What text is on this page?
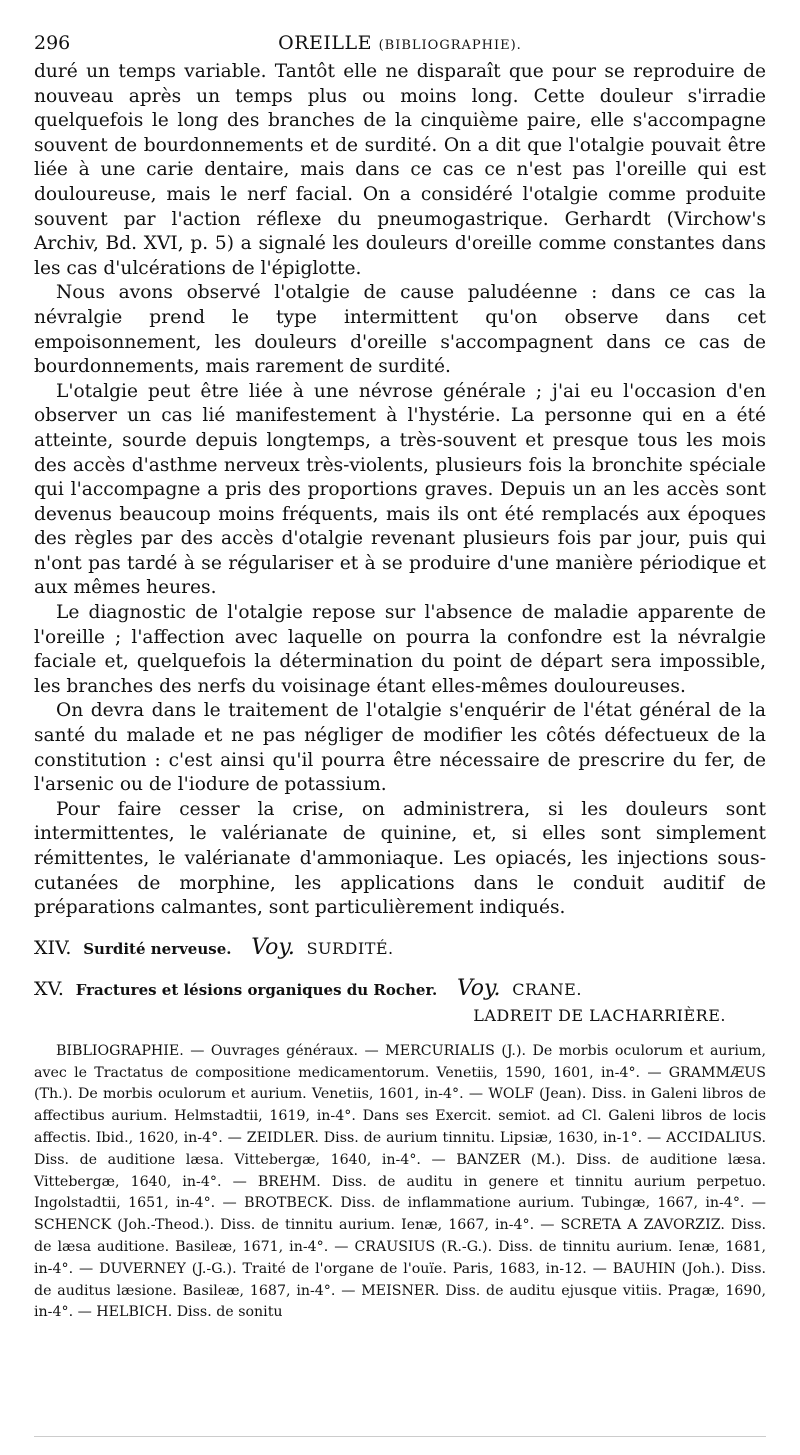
296	OREILLE (BIBLIOGRAPHIE).

duré un temps variable. Tantôt elle ne disparaît que pour se reproduire de nouveau après un temps plus ou moins long. Cette douleur s'irradie quelquefois le long des branches de la cinquième paire, elle s'accompagne souvent de bourdonnements et de surdité. On a dit que l'otalgie pouvait être liée à une carie dentaire, mais dans ce cas ce n'est pas l'oreille qui est douloureuse, mais le nerf facial. On a considéré l'otalgie comme produite souvent par l'action réflexe du pneumogastrique. Gerhardt (Virchow's Archiv, Bd. XVI, p. 5) a signalé les douleurs d'oreille comme constantes dans les cas d'ulcérations de l'épiglotte.

Nous avons observé l'otalgie de cause paludéenne : dans ce cas la névralgie prend le type intermittent qu'on observe dans cet empoisonnement, les douleurs d'oreille s'accompagnent dans ce cas de bourdonnements, mais rarement de surdité.

L'otalgie peut être liée à une névrose générale ; j'ai eu l'occasion d'en observer un cas lié manifestement à l'hystérie. La personne qui en a été atteinte, sourde depuis longtemps, a très-souvent et presque tous les mois des accès d'asthme nerveux très-violents, plusieurs fois la bronchite spéciale qui l'accompagne a pris des proportions graves. Depuis un an les accès sont devenus beaucoup moins fréquents, mais ils ont été remplacés aux époques des règles par des accès d'otalgie revenant plusieurs fois par jour, puis qui n'ont pas tardé à se régulariser et à se produire d'une manière périodique et aux mêmes heures.

Le diagnostic de l'otalgie repose sur l'absence de maladie apparente de l'oreille ; l'affection avec laquelle on pourra la confondre est la névralgie faciale et, quelquefois la détermination du point de départ sera impossible, les branches des nerfs du voisinage étant elles-mêmes douloureuses.

On devra dans le traitement de l'otalgie s'enquérir de l'état général de la santé du malade et ne pas négliger de modifier les côtés défectueux de la constitution : c'est ainsi qu'il pourra être nécessaire de prescrire du fer, de l'arsenic ou de l'iodure de potassium.

Pour faire cesser la crise, on administrera, si les douleurs sont intermittentes, le valérianate de quinine, et, si elles sont simplement rémittentes, le valérianate d'ammoniaque. Les opiacés, les injections sous-cutanées de morphine, les applications dans le conduit auditif de préparations calmantes, sont particulièrement indiqués.

XIV. Surdité nerveuse. Voy. SURDITÉ.
XV. Fractures et lésions organiques du Rocher. Voy. CRANE.
LADREIT DE LACHARRIÈRE.
BIBLIOGRAPHIE. — Ouvrages généraux. — MERCURIALIS (J.). De morbis oculorum et aurium, avec le Tractatus de compositione medicamentorum. Venetiis, 1590, 1601, in-4°. — GRAMMÆUS (Th.). De morbis oculorum et aurium. Venetiis, 1601, in-4°. — WOLF (Jean). Diss. in Galeni libros de affectibus aurium. Helmstadtii, 1619, in-4°. Dans ses Exercit. semiot. ad Cl. Galeni libros de locis affectis. Ibid., 1620, in-4°. — ZEIDLER. Diss. de aurium tinnitu. Lipsiæ, 1630, in-1°. — ACCIDALIUS. Diss. de auditione læsa. Vittebergæ, 1640, in-4°. — BANZER (M.). Diss. de auditione læsa. Vittebergæ, 1640, in-4°. — BREHM. Diss. de auditu in genere et tinnitu aurium perpetuo. Ingolstadtii, 1651, in-4°. — BROTBECK. Diss. de inflammatione aurium. Tubingæ, 1667, in-4°. — SCHENCK (Joh.-Theod.). Diss. de tinnitu aurium. Ienæ, 1667, in-4°. — SCRETA A ZAVORZIZ. Diss. de læsa auditione. Basileæ, 1671, in-4°. — CRAUSIUS (R.-G.). Diss. de tinnitu aurium. Ienæ, 1681, in-4°. — DUVERNEY (J.-G.). Traité de l'organe de l'ouïe. Paris, 1683, in-12. — BAUHIN (Joh.). Diss. de auditus læsione. Basileæ, 1687, in-4°. — MEISNER. Diss. de auditu ejusque vitiis. Pragæ, 1690, in-4°. — HELBICH. Diss. de sonitu
